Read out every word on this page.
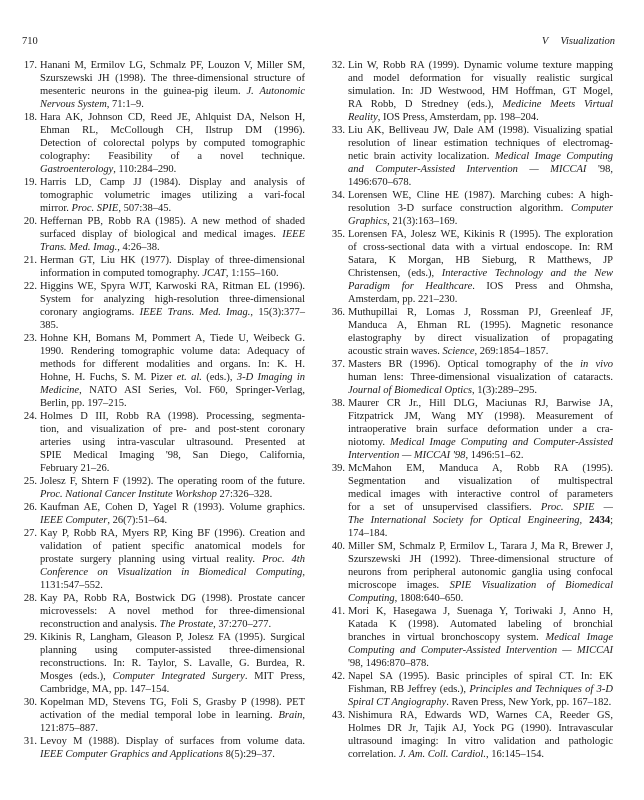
710	V Visualization
17. Hanani M, Ermilov LG, Schmalz PF, Louzon V, Miller SM,
Szurszewski JH (1998). The three-dimensional structure of
mesenteric neurons in the guinea-pig ileum. J. Autonomic
Nervous System, 71:1–9.
18. Hara AK, Johnson CD, Reed JE, Ahlquist DA, Nelson H,
Ehman RL, McCollough CH, Ilstrup DM (1996).
Detection of colorectal polyps by computed tomographic
colography: Feasibility of a novel technique.
Gastroenterology, 110:284–290.
19. Harris LD, Camp JJ (1984). Display and analysis of
tomographic volumetric images utilizing a vari-focal
mirror. Proc. SPIE, 507:38–45.
20. Heffernan PB, Robb RA (1985). A new method of shaded
surfaced display of biological and medical images. IEEE
Trans. Med. Imag., 4:26–38.
21. Herman GT, Liu HK (1977). Display of three-dimensional
information in computed tomography. JCAT, 1:155–160.
22. Higgins WE, Spyra WJT, Karwoski RA, Ritman EL (1996).
System for analyzing high-resolution three-dimensional
coronary angiograms. IEEE Trans. Med. Imag., 15(3):377–
385.
23. Hohne KH, Bomans M, Pommert A, Tiede U, Weibeck G.
1990. Rendering tomographic volume data: Adequacy of
methods for different modalities and organs. In: K. H.
Hohne, H. Fuchs, S. M. Pizer et. al. (eds.), 3-D Imaging in
Medicine, NATO ASI Series, Vol. F60, Springer-Verlag,
Berlin, pp. 197–215.
24. Holmes D III, Robb RA (1998). Processing, segmenta-
tion, and visualization of pre- and post-stent coronary
arteries using intra-vascular ultrasound. Presented at
SPIE Medical Imaging '98, San Diego, California,
February 21–26.
25. Jolesz F, Shtern F (1992). The operating room of the future.
Proc. National Cancer Institute Workshop 27:326–328.
26. Kaufman AE, Cohen D, Yagel R (1993). Volume graphics.
IEEE Computer, 26(7):51–64.
27. Kay P, Robb RA, Myers RP, King BF (1996). Creation and
validation of patient specific anatomical models for
prostate surgery planning using virtual reality. Proc. 4th
Conference on Visualization in Biomedical Computing,
1131:547–552.
28. Kay PA, Robb RA, Bostwick DG (1998). Prostate cancer
microvessels: A novel method for three-dimensional
reconstruction and analysis. The Prostate, 37:270–277.
29. Kikinis R, Langham, Gleason P, Jolesz FA (1995). Surgical
planning using computer-assisted three-dimensional
reconstructions. In: R. Taylor, S. Lavalle, G. Burdea, R.
Mosges (eds.), Computer Integrated Surgery. MIT Press,
Cambridge, MA, pp. 147–154.
30. Kopelman MD, Stevens TG, Foli S, Grasby P (1998). PET
activation of the medial temporal lobe in learning. Brain,
121:875–887.
31. Levoy M (1988). Display of surfaces from volume data.
IEEE Computer Graphics and Applications 8(5):29–37.
32. Lin W, Robb RA (1999). Dynamic volume texture mapping
and model deformation for visually realistic surgical
simulation. In: JD Westwood, HM Hoffman, GT Mogel,
RA Robb, D Stredney (eds.), Medicine Meets Virtual
Reality, IOS Press, Amsterdam, pp. 198–204.
33. Liu AK, Belliveau JW, Dale AM (1998). Visualizing spatial
resolution of linear estimation techniques of electromag-
netic brain activity localization. Medical Image Computing
and Computer-Assisted Intervention — MICCAI '98,
1496:670–678.
34. Lorensen WE, Cline HE (1987). Marching cubes: A high-
resolution 3-D surface construction algorithm. Computer
Graphics, 21(3):163–169.
35. Lorensen FA, Jolesz WE, Kikinis R (1995). The exploration
of cross-sectional data with a virtual endoscope. In: RM
Satara, K Morgan, HB Sieburg, R Matthews, JP
Christensen, (eds.), Interactive Technology and the New
Paradigm for Healthcare. IOS Press and Ohmsha,
Amsterdam, pp. 221–230.
36. Muthupillai R, Lomas J, Rossman PJ, Greenleaf JF,
Manduca A, Ehman RL (1995). Magnetic resonance
elastography by direct visualization of propagating
acoustic strain waves. Science, 269:1854–1857.
37. Masters BR (1996). Optical tomography of the in vivo
human lens: Three-dimensional visualization of cataracts.
Journal of Biomedical Optics, 1(3):289–295.
38. Maurer CR Jr., Hill DLG, Maciunas RJ, Barwise JA,
Fitzpatrick JM, Wang MY (1998). Measurement of
intraoperative brain surface deformation under a cra-
niotomy. Medical Image Computing and Computer-Assisted
Intervention — MICCAI '98, 1496:51–62.
39. McMahon EM, Manduca A, Robb RA (1995).
Segmentation and visualization of multispectral
medical images with interactive control of parameters
for a set of unsupervised classifiers. Proc. SPIE —
The International Society for Optical Engineering, 2434;
174–184.
40. Miller SM, Schmalz P, Ermilov L, Tarara J, Ma R, Brewer J,
Szurszewski JH (1992). Three-dimensional structure of
neurons from peripheral autonomic ganglia using confocal
microscope images. SPIE Visualization of Biomedical
Computing, 1808:640–650.
41. Mori K, Hasegawa J, Suenaga Y, Toriwaki J, Anno H,
Katada K (1998). Automated labeling of bronchial
branches in virtual bronchoscopy system. Medical Image
Computing and Computer-Assisted Intervention — MICCAI
'98, 1496:870–878.
42. Napel SA (1995). Basic principles of spiral CT. In: EK
Fishman, RB Jeffrey (eds.), Principles and Techniques of 3-D
Spiral CT Angiography. Raven Press, New York, pp. 167–182.
43. Nishimura RA, Edwards WD, Warnes CA, Reeder GS,
Holmes DR Jr, Tajik AJ, Yock PG (1990). Intravascular
ultrasound imaging: In vitro validation and pathologic
correlation. J. Am. Coll. Cardiol., 16:145–154.
